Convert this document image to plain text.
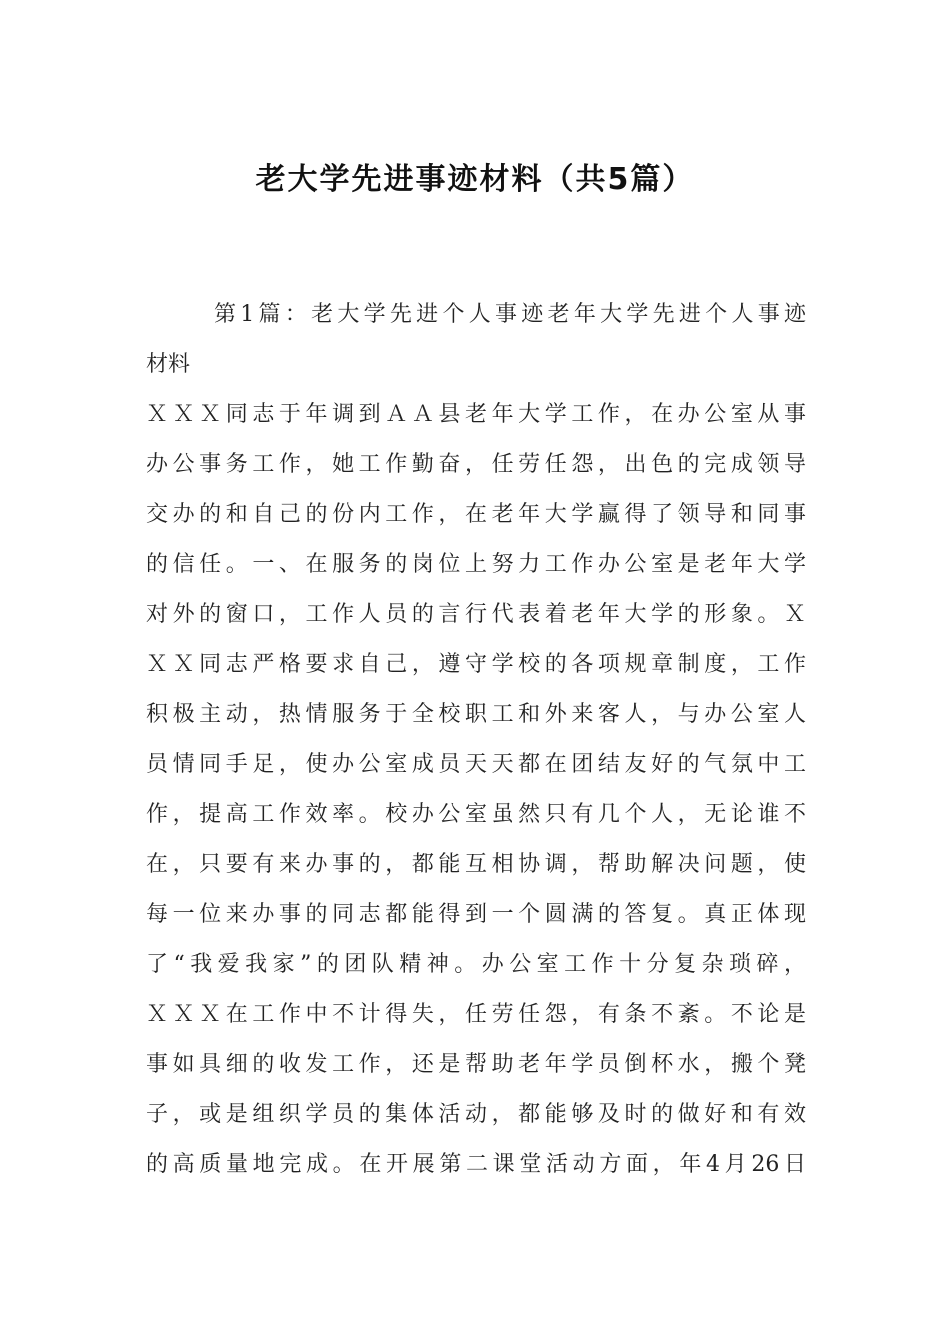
老大学先进事迹材料（共5篇）
第1篇：老大学先进个人事迹老年大学先进个人事迹
材料
ＸＸＸ同志于年调到ＡＡ县老年大学工作，在办公室从事
办公事务工作，她工作勤奋，任劳任怨，出色的完成领导
交办的和自己的份内工作，在老年大学赢得了领导和同事
的信任。一、在服务的岗位上努力工作办公室是老年大学
对外的窗口，工作人员的言行代表着老年大学的形象。Ｘ
ＸＸ同志严格要求自己，遵守学校的各项规章制度，工作
积极主动，热情服务于全校职工和外来客人，与办公室人
员情同手足，使办公室成员天天都在团结友好的气氛中工
作，提高工作效率。校办公室虽然只有几个人，无论谁不
在，只要有来办事的，都能互相协调，帮助解决问题，使
每一位来办事的同志都能得到一个圆满的答复。真正体现
了“我爱我家”的团队精神。办公室工作十分复杂琐碎，
ＸＸＸ在工作中不计得失，任劳任怨，有条不紊。不论是
事如具细的收发工作，还是帮助老年学员倒杯水，搬个凳
子，或是组织学员的集体活动，都能够及时的做好和有效
的高质量地完成。在开展第二课堂活动方面，年4月26日
